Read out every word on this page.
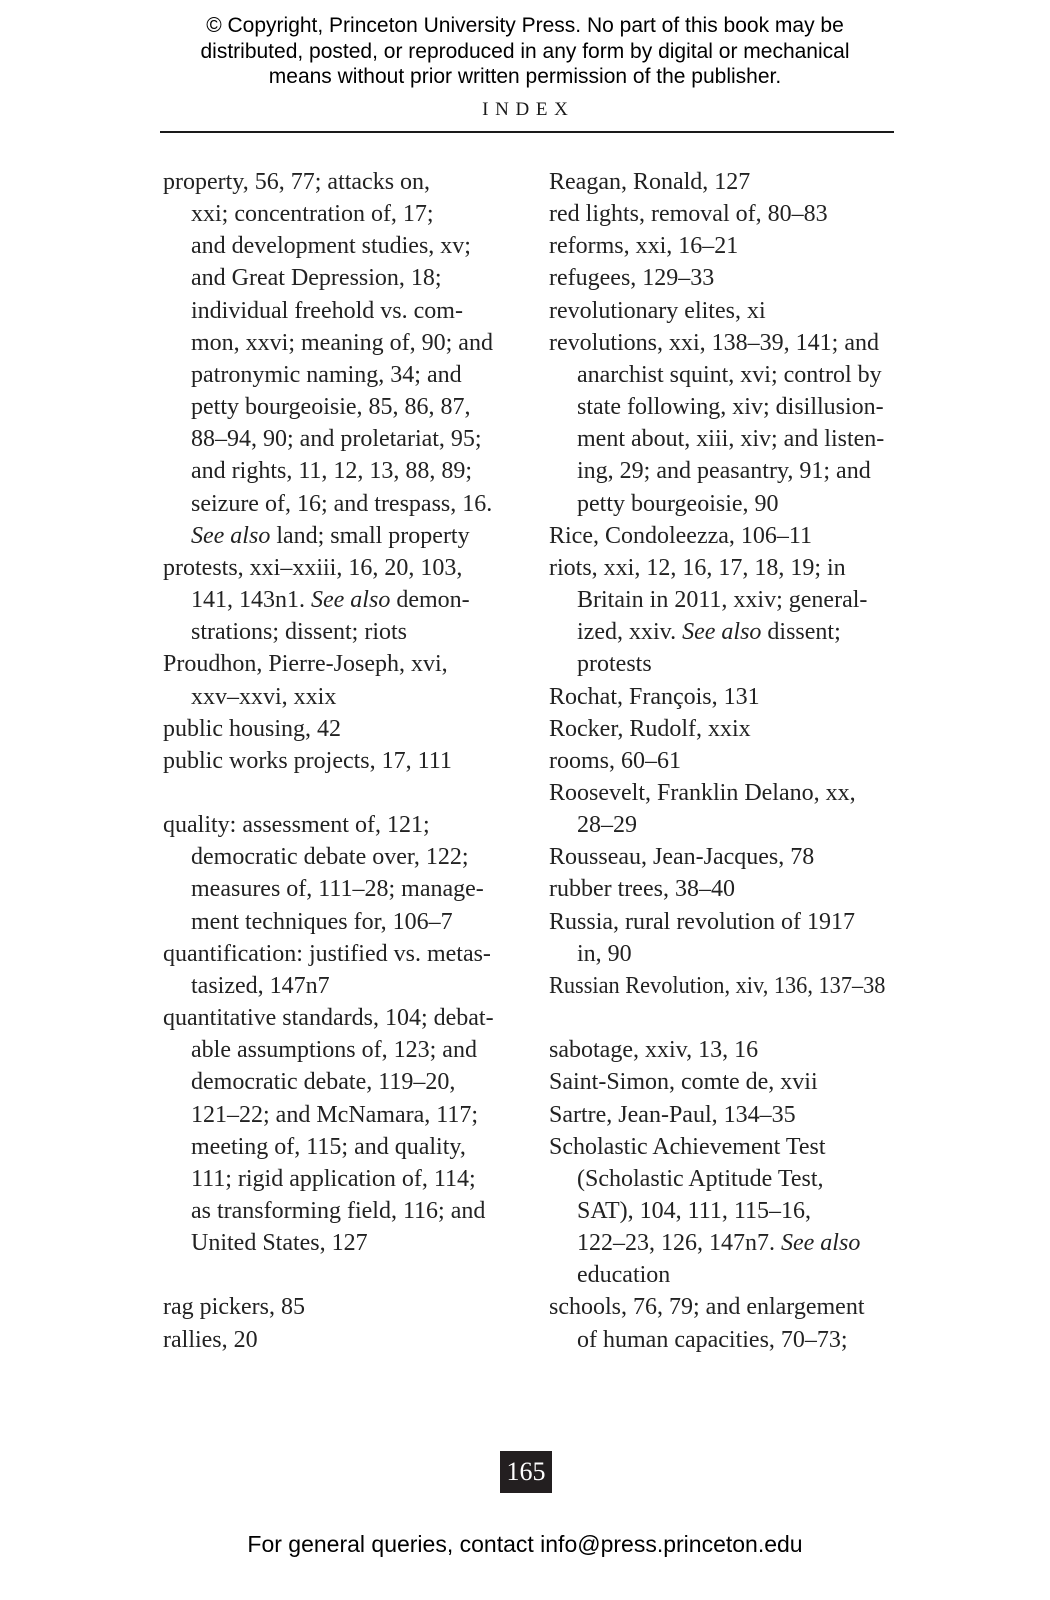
© Copyright, Princeton University Press. No part of this book may be
distributed, posted, or reproduced in any form by digital or mechanical
means without prior written permission of the publisher.
INDEX
property, 56, 77; attacks on,
xxi; concentration of, 17;
and development studies, xv;
and Great Depression, 18;
individual freehold vs. com-
mon, xxvi; meaning of, 90; and
patronymic naming, 34; and
petty bourgeoisie, 85, 86, 87,
88–94, 90; and proletariat, 95;
and rights, 11, 12, 13, 88, 89;
seizure of, 16; and trespass, 16.
See also land; small property
protests, xxi–xxiii, 16, 20, 103,
141, 143n1. See also demon-
strations; dissent; riots
Proudhon, Pierre-Joseph, xvi,
xxv–xxvi, xxix
public housing, 42
public works projects, 17, 111

quality: assessment of, 121;
democratic debate over, 122;
measures of, 111–28; manage-
ment techniques for, 106–7
quantification: justified vs. metas-
tasized, 147n7
quantitative standards, 104; debat-
able assumptions of, 123; and
democratic debate, 119–20,
121–22; and McNamara, 117;
meeting of, 115; and quality,
111; rigid application of, 114;
as transforming field, 116; and
United States, 127

rag pickers, 85
rallies, 20
Reagan, Ronald, 127
red lights, removal of, 80–83
reforms, xxi, 16–21
refugees, 129–33
revolutionary elites, xi
revolutions, xxi, 138–39, 141; and
anarchist squint, xvi; control by
state following, xiv; disillusion-
ment about, xiii, xiv; and listen-
ing, 29; and peasantry, 91; and
petty bourgeoisie, 90
Rice, Condoleezza, 106–11
riots, xxi, 12, 16, 17, 18, 19; in
Britain in 2011, xxiv; general-
ized, xxiv. See also dissent;
protests
Rochat, François, 131
Rocker, Rudolf, xxix
rooms, 60–61
Roosevelt, Franklin Delano, xx,
28–29
Rousseau, Jean-Jacques, 78
rubber trees, 38–40
Russia, rural revolution of 1917
in, 90
Russian Revolution, xiv, 136, 137–38

sabotage, xxiv, 13, 16
Saint-Simon, comte de, xvii
Sartre, Jean-Paul, 134–35
Scholastic Achievement Test
(Scholastic Aptitude Test,
SAT), 104, 111, 115–16,
122–23, 126, 147n7. See also
education
schools, 76, 79; and enlargement
of human capacities, 70–73;
165
For general queries, contact info@press.princeton.edu
